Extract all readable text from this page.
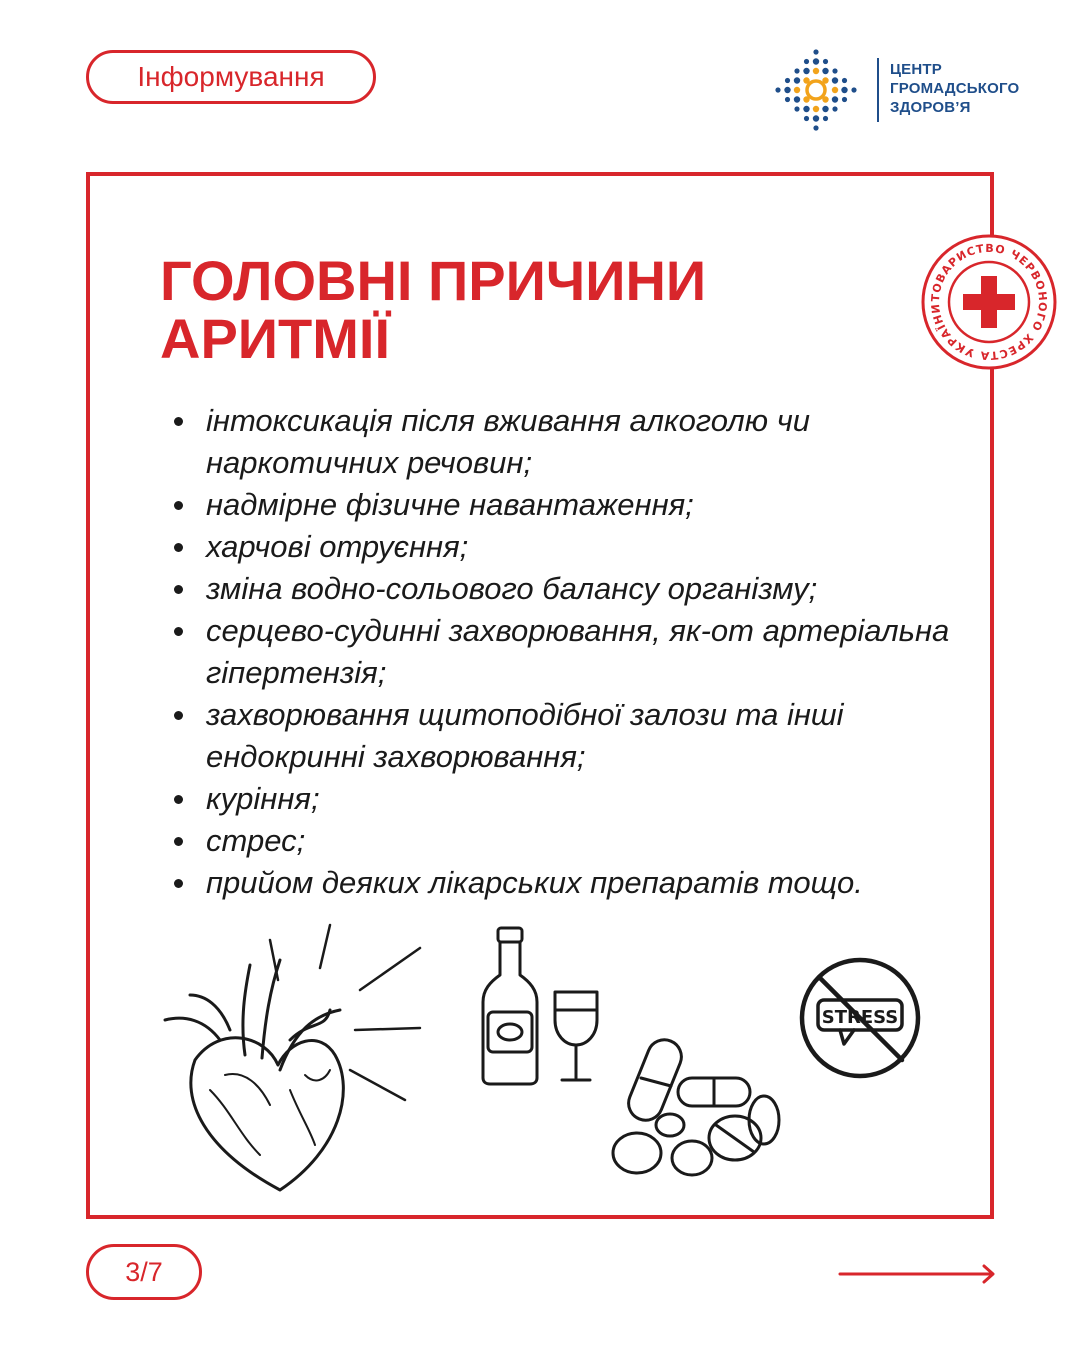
Інформування	ЦЕНТР
ГРОМАДСЬКОГО
ЗДОРОВ’Я
ГОЛОВНІ ПРИЧИНИ
АРИТМІЇ
ТОВАРИСТВО ЧЕРВОНОГО ХРЕСТА УКРАЇНИ
інтоксикація після вживання алкоголю чи наркотичних речовин;
надмірне фізичне навантаження;
харчові отруєння;
зміна водно-сольового балансу організму;
серцево-судинні захворювання, як-от артеріальна гіпертензія;
захворювання щитоподібної залози та інші ендокринні захворювання;
куріння;
стрес;
прийом деяких лікарських препаратів тощо.
STRESS
3/7
